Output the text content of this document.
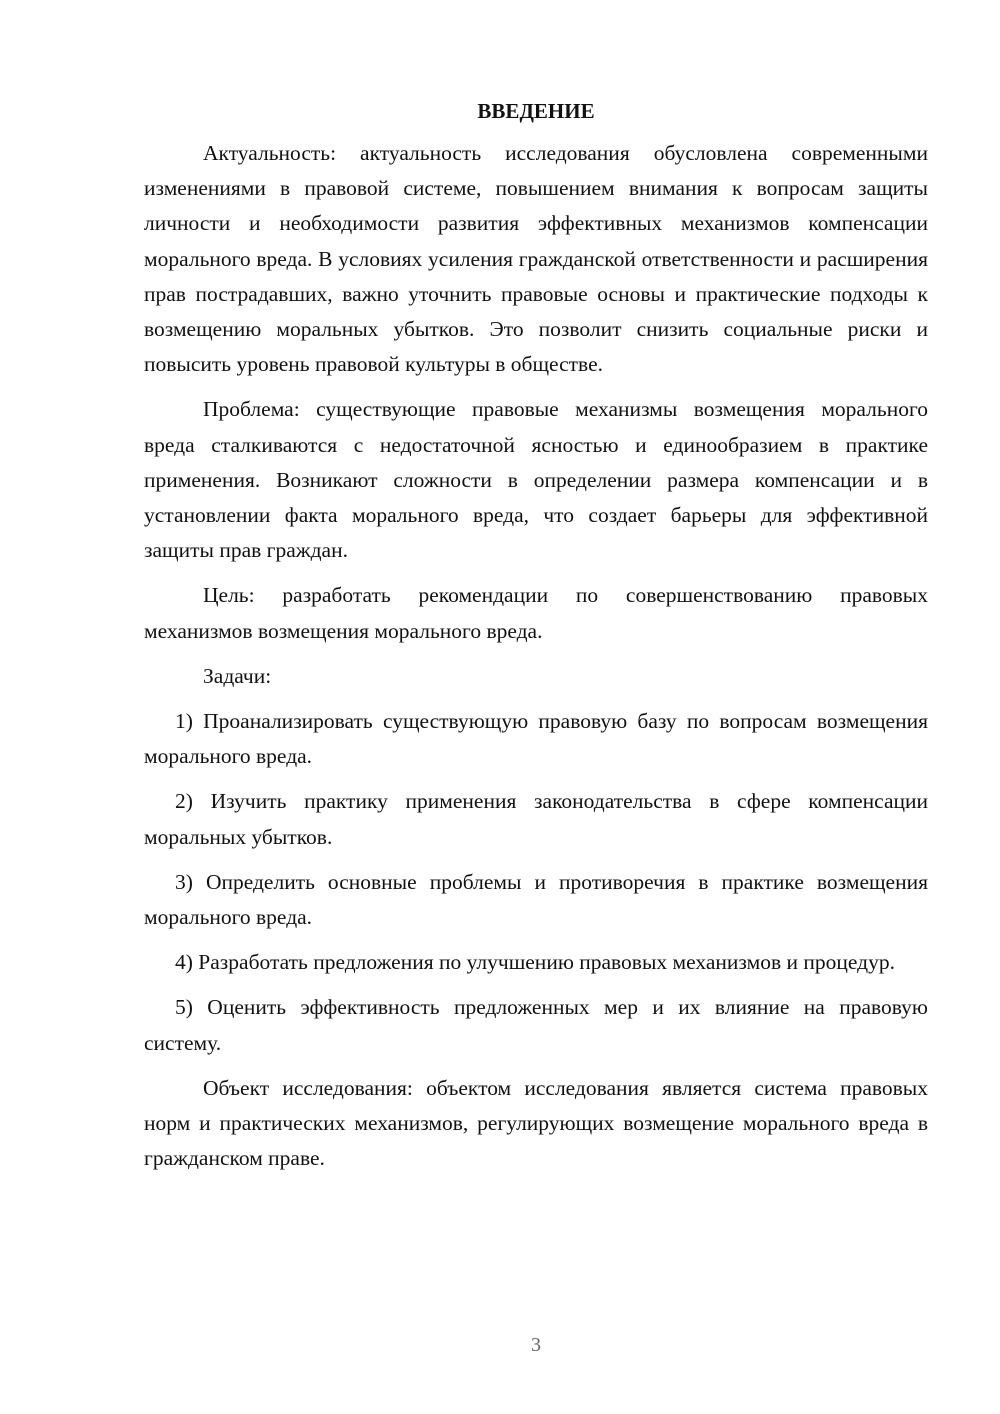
ВВЕДЕНИЕ

Актуальность: актуальность исследования обусловлена современными изменениями в правовой системе, повышением внимания к вопросам защиты личности и необходимости развития эффективных механизмов компенсации морального вреда. В условиях усиления гражданской ответственности и расширения прав пострадавших, важно уточнить правовые основы и практические подходы к возмещению моральных убытков. Это позволит снизить социальные риски и повысить уровень правовой культуры в обществе.

Проблема: существующие правовые механизмы возмещения морального вреда сталкиваются с недостаточной ясностью и единообразием в практике применения. Возникают сложности в определении размера компенсации и в установлении факта морального вреда, что создает барьеры для эффективной защиты прав граждан.

Цель: разработать рекомендации по совершенствованию правовых механизмов возмещения морального вреда.

Задачи:

1) Проанализировать существующую правовую базу по вопросам возмещения морального вреда.

2) Изучить практику применения законодательства в сфере компенсации моральных убытков.

3) Определить основные проблемы и противоречия в практике возмещения морального вреда.

4) Разработать предложения по улучшению правовых механизмов и процедур.

5) Оценить эффективность предложенных мер и их влияние на правовую систему.

Объект исследования: объектом исследования является система правовых норм и практических механизмов, регулирующих возмещение морального вреда в гражданском праве.

3
